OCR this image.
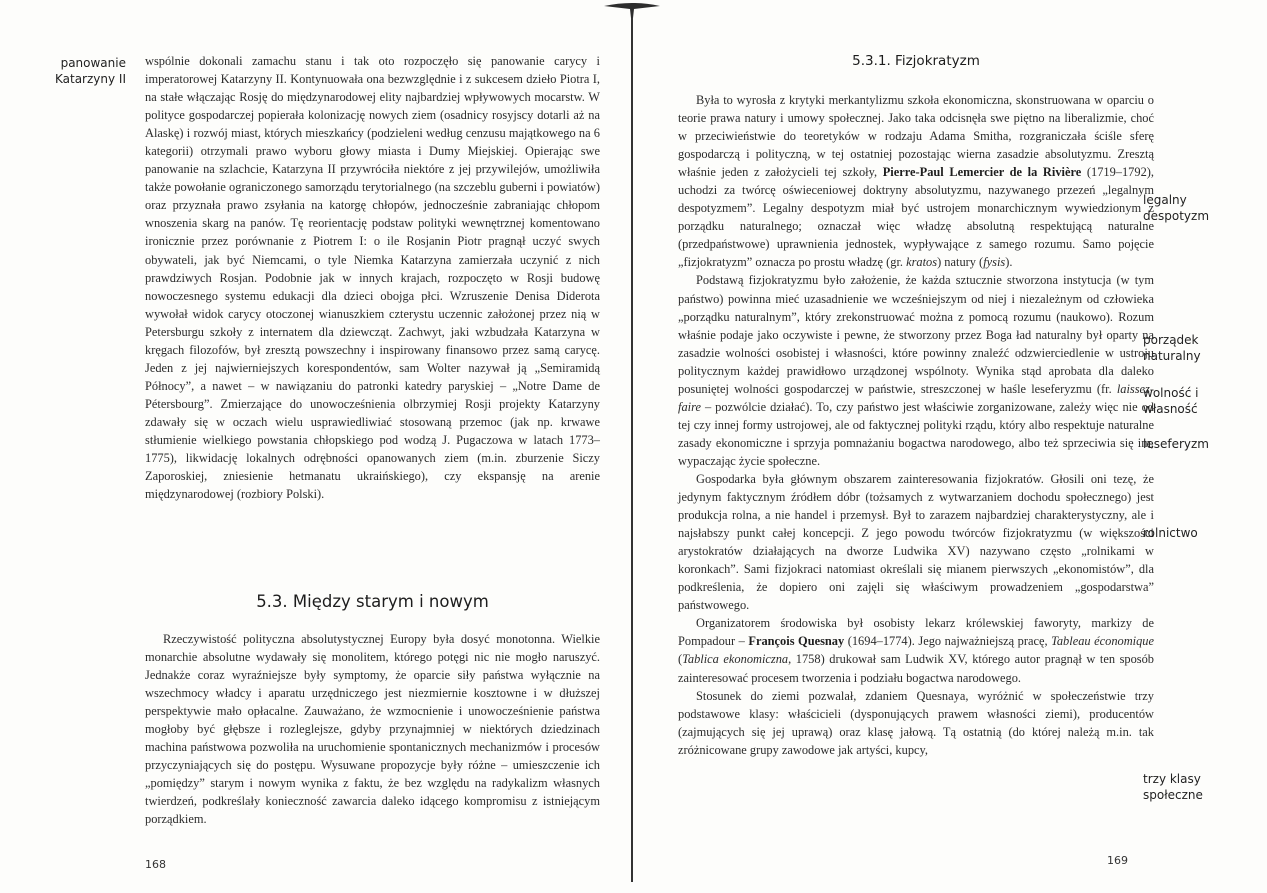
panowanie Katarzyny II

wspólnie dokonali zamachu stanu i tak oto rozpoczęło się panowanie carycy i imperatorowej Katarzyny II. Kontynuowała ona bezwzględnie i z sukcesem dzieło Piotra I, na stałe włączając Rosję do międzynarodowej elity najbardziej wpływowych mocarstw. W polityce gospodarczej popierała kolonizację nowych ziem (osadnicy rosyjscy dotarli aż na Alaskę) i rozwój miast, których mieszkańcy (podzieleni według cenzusu majątkowego na 6 kategorii) otrzymali prawo wyboru głowy miasta i Dumy Miejskiej. Opierając swe panowanie na szlachcie, Katarzyna II przywróciła niektóre z jej przywilejów, umożliwiła także powołanie ograniczonego samorządu terytorialnego (na szczeblu guberni i powiatów) oraz przyznała prawo zsyłania na katorgę chłopów, jednocześnie zabraniając chłopom wnoszenia skarg na panów. Tę reorientację podstaw polityki wewnętrznej komentowano ironicznie przez porównanie z Piotrem I: o ile Rosjanin Piotr pragnął uczyć swych obywateli, jak być Niemcami, o tyle Niemka Katarzyna zamierzała uczynić z nich prawdziwych Rosjan. Podobnie jak w innych krajach, rozpoczęto w Rosji budowę nowoczesnego systemu edukacji dla dzieci obojga płci. Wzruszenie Denisa Diderota wywołał widok carycy otoczonej wianuszkiem czterystu uczennic założonej przez nią w Petersburgu szkoły z internatem dla dziewcząt. Zachwyt, jaki wzbudzała Katarzyna w kręgach filozofów, był zresztą powszechny i inspirowany finansowo przez samą carycę. Jeden z jej najwierniejszych korespondentów, sam Wolter nazywał ją „Semiramidą Północy”, a nawet – w nawiązaniu do patronki katedry paryskiej – „Notre Dame de Pétersbourg”. Zmierzające do unowocześnienia olbrzymiej Rosji projekty Katarzyny zdawały się w oczach wielu usprawiedliwiać stosowaną przemoc (jak np. krwawe stłumienie wielkiego powstania chłopskiego pod wodzą J. Pugaczowa w latach 1773–1775), likwidację lokalnych odrębności opanowanych ziem (m.in. zburzenie Siczy Zaporoskiej, zniesienie hetmanatu ukraińskiego), czy ekspansję na arenie międzynarodowej (rozbiory Polski).

5.3. Między starym i nowym

Rzeczywistość polityczna absolutystycznej Europy była dosyć monotonna. Wielkie monarchie absolutne wydawały się monolitem, którego potęgi nic nie mogło naruszyć. Jednakże coraz wyraźniejsze były symptomy, że oparcie siły państwa wyłącznie na wszechmocy władcy i aparatu urzędniczego jest niezmiernie kosztowne i w dłuższej perspektywie mało opłacalne. Zauważano, że wzmocnienie i unowocześnienie państwa mogłoby być głębsze i rozleglejsze, gdyby przynajmniej w niektórych dziedzinach machina państwowa pozwoliła na uruchomienie spontanicznych mechanizmów i procesów przyczyniających się do postępu. Wysuwane propozycje były różne – umieszczenie ich „pomiędzy” starym i nowym wynika z faktu, że bez względu na radykalizm własnych twierdzeń, podkreślały konieczność zawarcia daleko idącego kompromisu z istniejącym porządkiem.

168
5.3.1. Fizjokratyzm

Była to wyrosła z krytyki merkantylizmu szkoła ekonomiczna, skonstruowana w oparciu o teorie prawa natury i umowy społecznej. Jako taka odcisnęła swe piętno na liberalizmie, choć w przeciwieństwie do teoretyków w rodzaju Adama Smitha, rozgraniczała ściśle sferę gospodarczą i polityczną, w tej ostatniej pozostając wierna zasadzie absolutyzmu. Zresztą właśnie jeden z założycieli tej szkoły, Pierre-Paul Lemercier de la Rivière (1719–1792), uchodzi za twórcę oświeceniowej doktryny absolutyzmu, nazywanego przezeń „legalnym despotyzmem”. Legalny despotyzm miał być ustrojem monarchicznym wywiedzionym z porządku naturalnego; oznaczał więc władzę absolutną respektującą naturalne (przedpaństwowe) uprawnienia jednostek, wypływające z samego rozumu. Samo pojęcie „fizjokratyzm” oznacza po prostu władzę (gr. kratos) natury (fysis).

Podstawą fizjokratyzmu było założenie, że każda sztucznie stworzona instytucja (w tym państwo) powinna mieć uzasadnienie we wcześniejszym od niej i niezależnym od człowieka „porządku naturalnym”, który zrekonstruować można z pomocą rozumu (naukowo). Rozum właśnie podaje jako oczywiste i pewne, że stworzony przez Boga ład naturalny był oparty na zasadzie wolności osobistej i własności, które powinny znaleźć odzwierciedlenie w ustroju politycznym każdej prawidłowo urządzonej wspólnoty. Wynika stąd aprobata dla daleko posuniętej wolności gospodarczej w państwie, streszczonej w haśle leseferyzmu (fr. laissez-faire – pozwólcie działać). To, czy państwo jest właściwie zorganizowane, zależy więc nie od tej czy innej formy ustrojowej, ale od faktycznej polityki rządu, który albo respektuje naturalne zasady ekonomiczne i sprzyja pomnażaniu bogactwa narodowego, albo też sprzeciwia się im, wypaczając życie społeczne.

Gospodarka była głównym obszarem zainteresowania fizjokratów. Głosili oni tezę, że jedynym faktycznym źródłem dóbr (tożsamych z wytwarzaniem dochodu społecznego) jest produkcja rolna, a nie handel i przemysł. Był to zarazem najbardziej charakterystyczny, ale i najsłabszy punkt całej koncepcji. Z jego powodu twórców fizjokratyzmu (w większości arystokratów działających na dworze Ludwika XV) nazywano często „rolnikami w koronkach”. Sami fizjokraci natomiast określali się mianem pierwszych „ekonomistów”, dla podkreślenia, że dopiero oni zajęli się właściwym prowadzeniem „gospodarstwa” państwowego.

Organizatorem środowiska był osobisty lekarz królewskiej faworyty, markizy de Pompadour – François Quesnay (1694–1774). Jego najważniejszą pracę, Tableau économique (Tablica ekonomiczna, 1758) drukował sam Ludwik XV, którego autor pragnął w ten sposób zainteresować procesem tworzenia i podziału bogactwa narodowego.

Stosunek do ziemi pozwalał, zdaniem Quesnaya, wyróżnić w społeczeństwie trzy podstawowe klasy: właścicieli (dysponujących prawem własności ziemi), producentów (zajmujących się jej uprawą) oraz klasę jałową. Tą ostatnią (do której należą m.in. tak zróżnicowane grupy zawodowe jak artyści, kupcy,

legalny despotyzm
porządek naturalny
wolność i własność
leseferyzm
rolnictwo
trzy klasy społeczne
169
